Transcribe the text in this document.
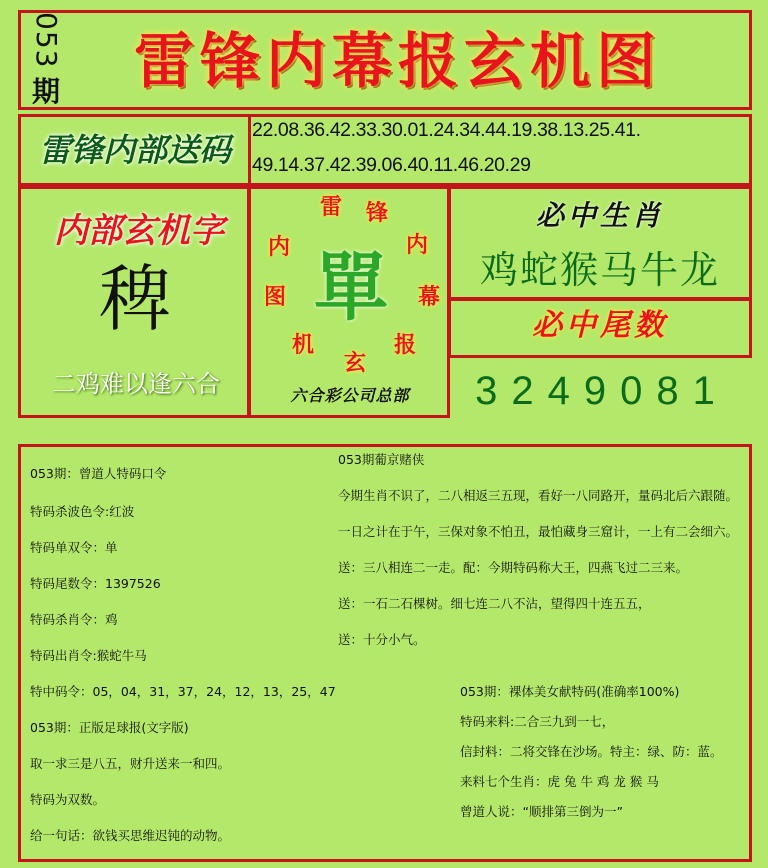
053
期	雷锋内幕报玄机图
雷锋内部送码
22.08.36.42.33.30.01.24.34.44.19.38.13.25.41.
49.14.37.42.39.06.40.11.46.20.29
内部玄机字
稗
二鸡难以逢六合
雷 锋
内
幕
报
玄
机
图
内 單
六合彩公司总部
必中生肖
鸡蛇猴马牛龙
必中尾数
3249081
053期：曾道人特码口令
特码杀波色令:红波
特码单双令：单
特码尾数令：1397526
特码杀肖令：鸡
特码出肖令:猴蛇牛马
特中码令：05，04，31，37，24，12，13，25，47
053期：正版足球报(文字版)
取一求三是八五，财升送来一和四。
特码为双数。
给一句话：欲钱买思维迟钝的动物。
053期葡京赌侠
今期生肖不识了，二八相返三五现，看好一八同路开，量码北后六跟随。
一日之计在于午，三保对象不怕丑，最怕藏身三窟计，一上有二会细六。
送：三八相连二一走。配：今期特码称大王，四燕飞过二三来。
送：一石二石棵树。细七连二八不沾，望得四十连五五，
送：十分小气。
053期：裸体美女献特码(准确率100%)
特码来料:二合三九到一七，
信封料：二将交锋在沙场。特主：绿、防：蓝。
来料七个生肖：虎 兔 牛 鸡 龙 猴 马
曾道人说：“顺排第三倒为一”
